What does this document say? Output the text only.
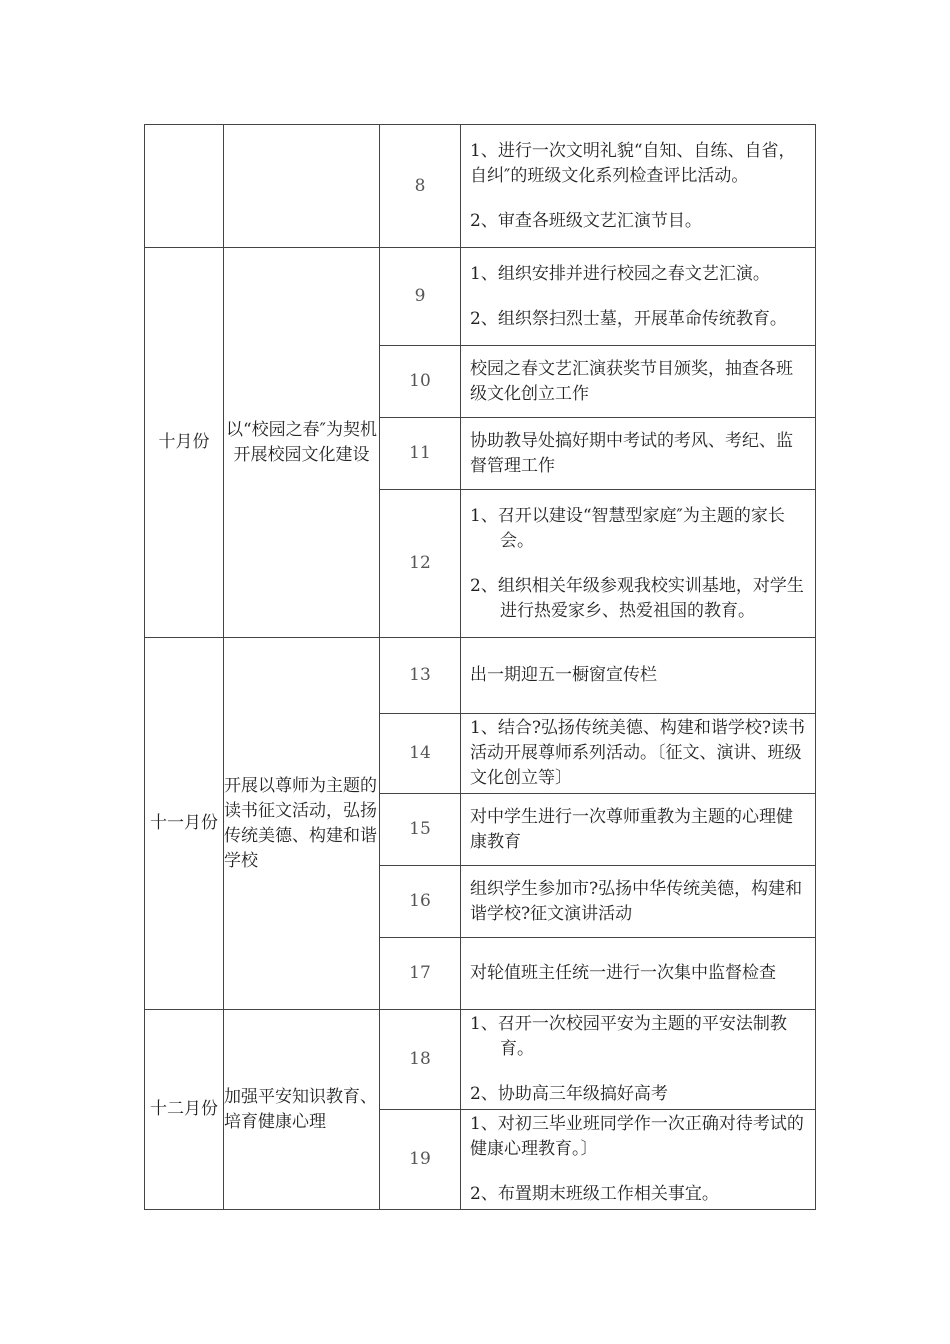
		8	1、进行一次文明礼貌“自知、自练、自省，自纠″的班级文化系列检查评比活动。
2、审查各班级文艺汇演节目。

十月份	以“校园之春″为契机开展校园文化建设	9	1、组织安排并进行校园之春文艺汇演。
2、组织祭扫烈士墓，开展革命传统教育。

		10	校园之春文艺汇演获奖节目颁奖，抽查各班级文化创立工作

		11	协助教导处搞好期中考试的考风、考纪、监督管理工作

		12	1、召开以建设“智慧型家庭″为主题的家长会。
2、组织相关年级参观我校实训基地，对学生进行热爱家乡、热爱祖国的教育。

十一月份	开展以尊师为主题的读书征文活动，弘扬传统美德、构建和谐学校	13	出一期迎五一橱窗宣传栏

		14	1、结合?弘扬传统美德、构建和谐学校?读书活动开展尊师系列活动。〔征文、演讲、班级文化创立等〕

		15	对中学生进行一次尊师重教为主题的心理健康教育

		16	组织学生参加市?弘扬中华传统美德，构建和谐学校?征文演讲活动

		17	对轮值班主任统一进行一次集中监督检查

十二月份	加强平安知识教育、培育健康心理	18	1、召开一次校园平安为主题的平安法制教育。
2、协助高三年级搞好高考

		19	1、对初三毕业班同学作一次正确对待考试的健康心理教育。〕
2、布置期末班级工作相关事宜。
